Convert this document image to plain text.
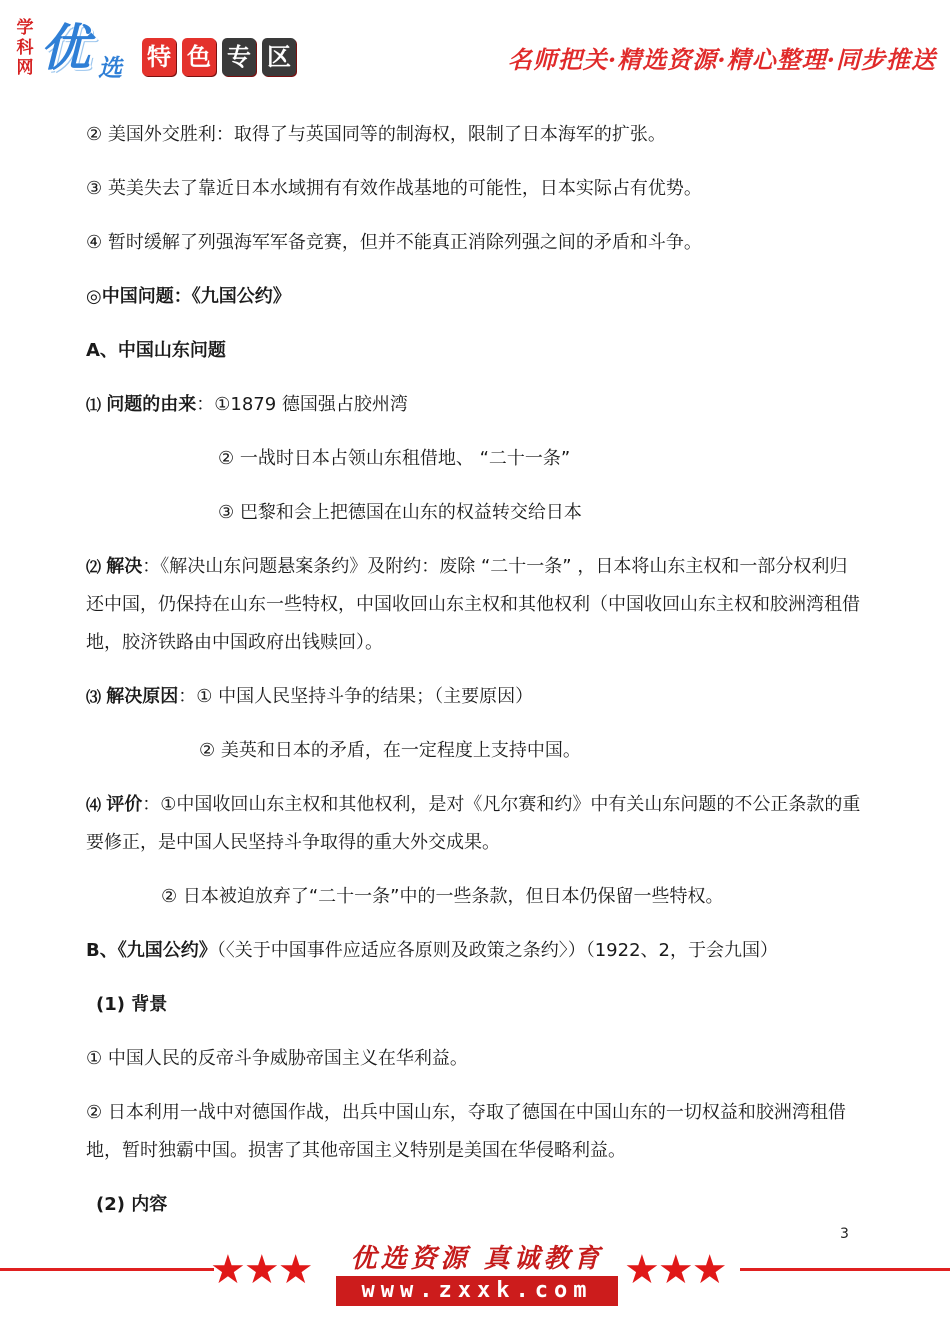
学科网 优 选 特 色 专 区	名师把关·精选资源·精心整理·同步推送

② 美国外交胜利：取得了与英国同等的制海权，限制了日本海军的扩张。

③ 英美失去了靠近日本水域拥有有效作战基地的可能性，日本实际占有优势。

④ 暂时缓解了列强海军军备竞赛，但并不能真正消除列强之间的矛盾和斗争。

◎中国问题：《九国公约》

A、中国山东问题

⑴ 问题的由来：①1879 德国强占胶州湾

② 一战时日本占领山东租借地、 “二十一条”

③ 巴黎和会上把德国在山东的权益转交给日本

⑵ 解决：《解决山东问题悬案条约》及附约：废除 “二十一条” ，日本将山东主权和一部分权利归还中国，仍保持在山东一些特权，中国收回山东主权和其他权利（中国收回山东主权和胶洲湾租借地，胶济铁路由中国政府出钱赎回）。

⑶ 解决原因：① 中国人民坚持斗争的结果；（主要原因）

② 美英和日本的矛盾，在一定程度上支持中国。

⑷ 评价：①中国收回山东主权和其他权利，是对《凡尔赛和约》中有关山东问题的不公正条款的重要修正，是中国人民坚持斗争取得的重大外交成果。

② 日本被迫放弃了“二十一条”中的一些条款，但日本仍保留一些特权。

B、《九国公约》（〈关于中国事件应适应各原则及政策之条约〉）（1922、2，于会九国）

(1) 背景

① 中国人民的反帝斗争威胁帝国主义在华利益。

② 日本利用一战中对德国作战，出兵中国山东，夺取了德国在中国山东的一切权益和胶洲湾租借地，暂时独霸中国。损害了其他帝国主义特别是美国在华侵略利益。

(2) 内容

3
★★★	★★★
优选资源 真诚教育
www.zxxk.com
